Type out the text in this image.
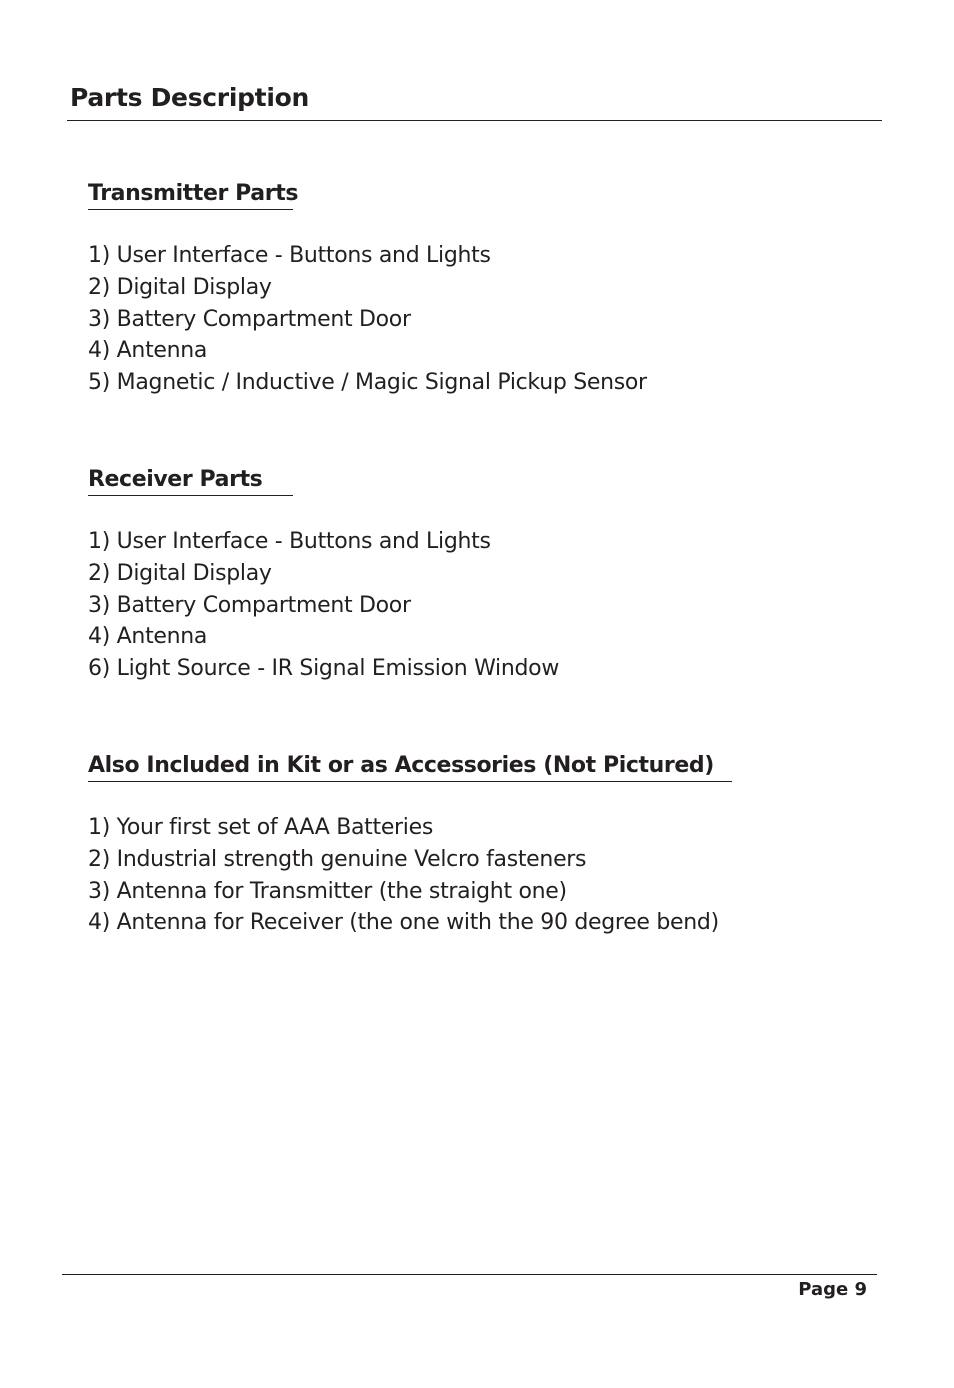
Parts Description
Transmitter Parts
1) User Interface - Buttons and Lights
2) Digital Display
3) Battery Compartment Door
4) Antenna
5) Magnetic / Inductive / Magic Signal Pickup Sensor
Receiver Parts
1) User Interface - Buttons and Lights
2) Digital Display
3) Battery Compartment Door
4) Antenna
6) Light Source - IR Signal Emission Window
Also Included in Kit or as Accessories (Not Pictured)
1) Your first set of AAA Batteries
2) Industrial strength genuine Velcro fasteners
3) Antenna for Transmitter (the straight one)
4) Antenna for Receiver (the one with the 90 degree bend)
Page 9
